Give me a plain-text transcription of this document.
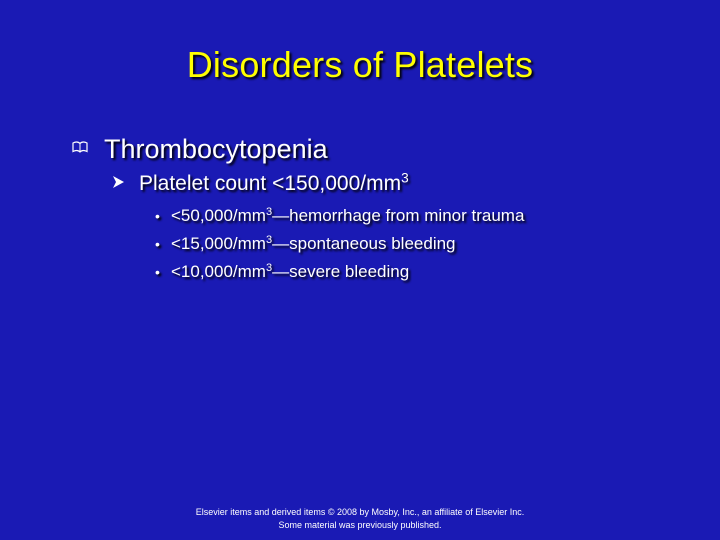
Disorders of Platelets
Thrombocytopenia
Platelet count $<150,000/mm^3$
• $<50,000/mm^3—hemorrhage$ from minor trauma
• $<15,000/mm^3—spontaneous$ bleeding
• $<10,000/mm^3—severe$ bleeding
Elsevier items and derived items © 2008 by Mosby, Inc., an affiliate of Elsevier Inc.
Some material was previously published.
